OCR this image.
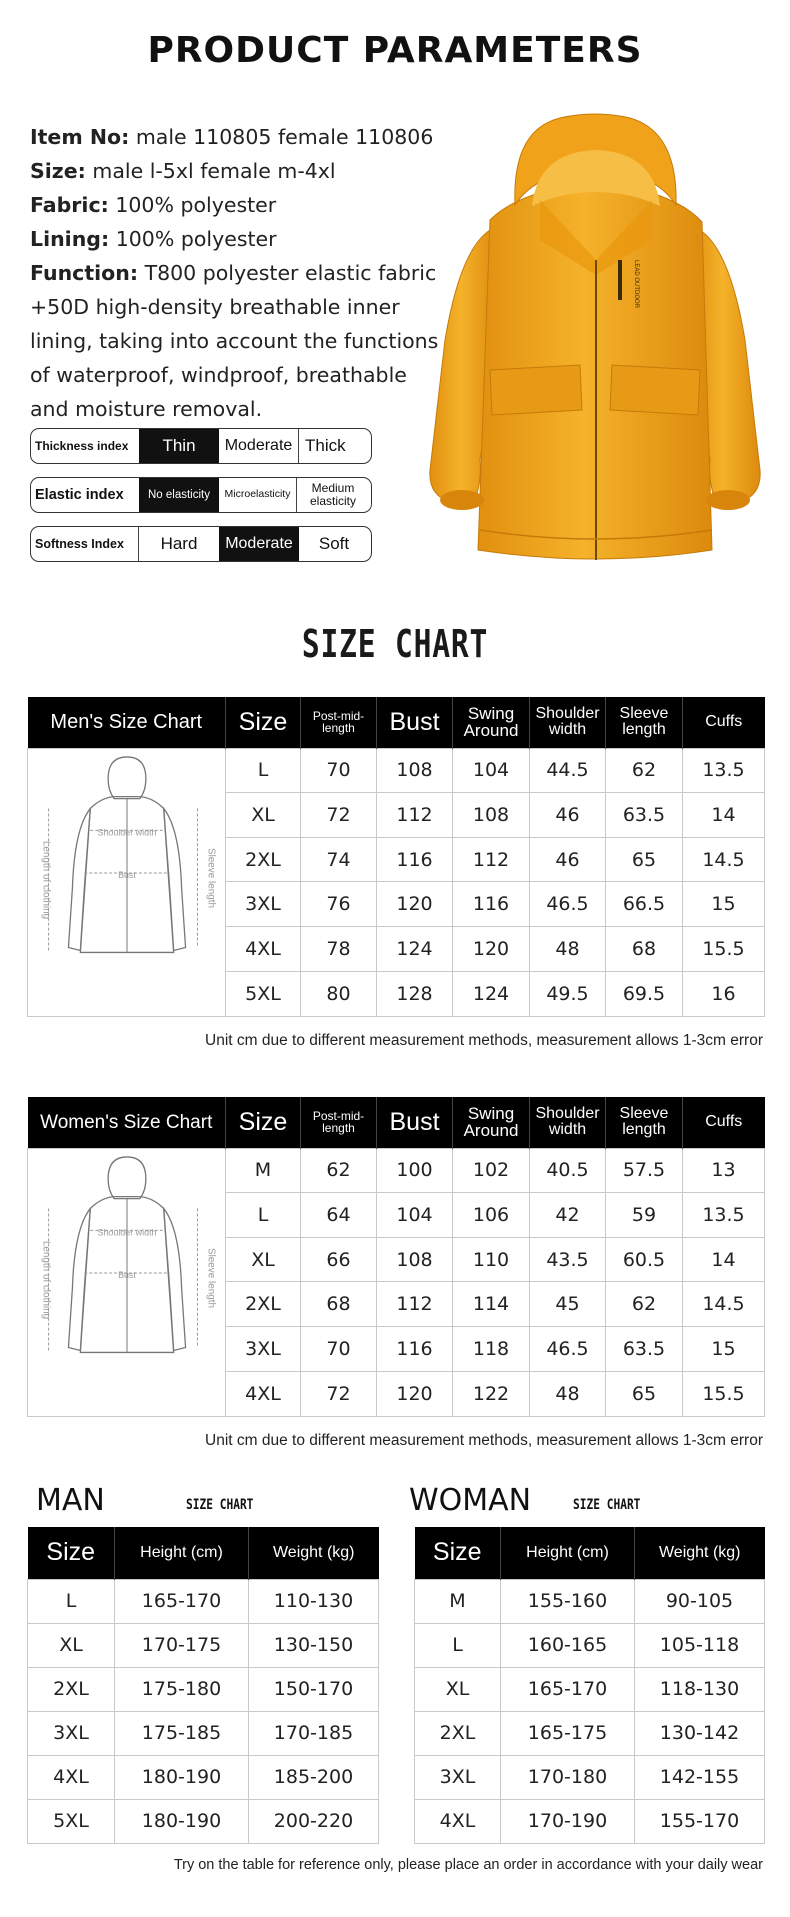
PRODUCT PARAMETERS
Item No: male 110805 female 110806
Size: male l-5xl female m-4xl
Fabric: 100% polyester
Lining: 100% polyester
Function: T800 polyester elastic fabric +50D high-density breathable inner lining, taking into account the functions of waterproof, windproof, breathable and moisture removal.
Thickness index	Thin	Moderate Thick
Elastic index	No elasticity	Microelasticity	Medium elasticity
Softness Index	Hard	Moderate	Soft
LEAD OUTDOOR
SIZE CHART
Men's Size Chart	Size	Post-mid-length	Bust	Swing Around	Shoulder width	Sleeve length	Cuffs

Shoulder width
Bust
Length of clothing Sleeve length	L	70	108	104	44.5	62	13.5
	XL	72	112	108	46	63.5	14
	2XL	74	116	112	46	65	14.5
	3XL	76	120	116	46.5	66.5	15
	4XL	78	124	120	48	68	15.5
	5XL	80	128	124	49.5	69.5	16
Unit cm due to different measurement methods, measurement allows 1-3cm error
Women's Size Chart	Size	Post-mid-length	Bust	Swing Around	Shoulder width	Sleeve length	Cuffs

Shoulder width
Bust
Length of clothing Sleeve length	M	62	100	102	40.5	57.5	13
	L	64	104	106	42	59	13.5
	XL	66	108	110	43.5	60.5	14
	2XL	68	112	114	45	62	14.5
	3XL	70	116	118	46.5	63.5	15
	4XL	72	120	122	48	65	15.5
Unit cm due to different measurement methods, measurement allows 1-3cm error
MAN	SIZE CHART
Size	Height (cm)	Weight (kg)
L	165-170	110-130
XL	170-175	130-150
2XL	175-180	150-170
3XL	175-185	170-185
4XL	180-190	185-200
5XL	180-190	200-220
WOMAN	SIZE CHART
Size	Height (cm)	Weight (kg)
M	155-160	90-105
L	160-165	105-118
XL	165-170	118-130
2XL	165-175	130-142
3XL	170-180	142-155
4XL	170-190	155-170
Try on the table for reference only, please place an order in accordance with your daily wear
